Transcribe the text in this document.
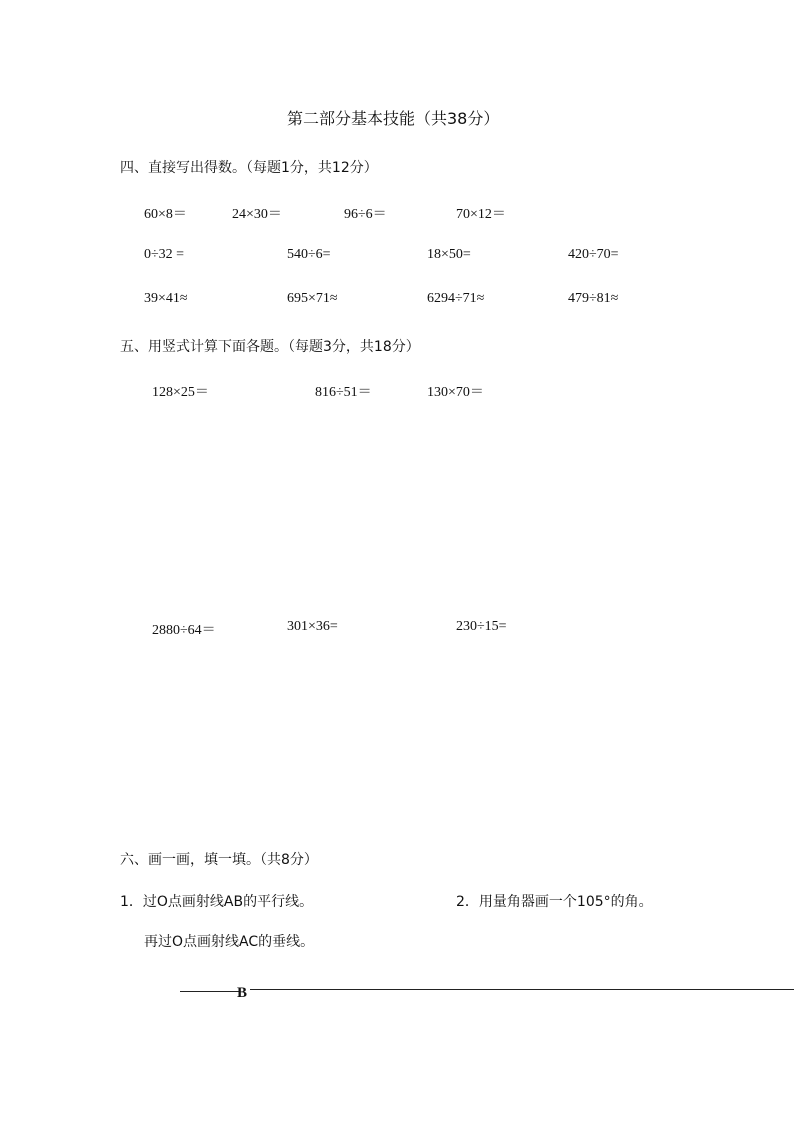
第二部分基本技能（共38分）
四、直接写出得数。（每题1分，共12分）
60×8＝	24×30＝	96÷6＝	70×12＝
0÷32 =	540÷6=	18×50=	420÷70=
39×41≈	695×71≈	6294÷71≈	479÷81≈
五、用竖式计算下面各题。（每题3分，共18分）
128×25＝	816÷51＝	130×70＝
2880÷64＝	301×36=	230÷15=
六、画一画，填一填。（共8分）
1．过O点画射线AB的平行线。	2．用量角器画一个105°的角。
再过O点画射线AC的垂线。
B
